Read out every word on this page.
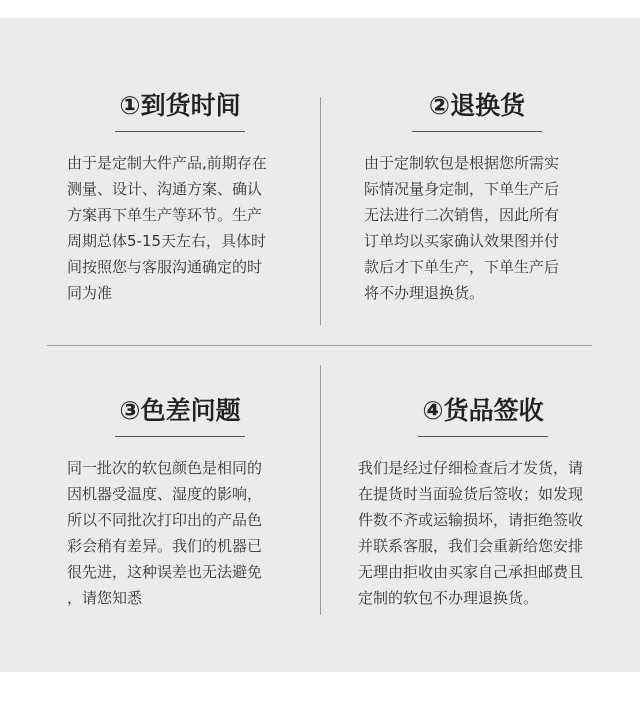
①到货时间
由于是定制大件产品,前期存在
测量、设计、沟通方案、确认
方案再下单生产等环节。生产
周期总体5-15天左右，具体时
间按照您与客服沟通确定的时
同为准
②退换货
由于定制软包是根据您所需实
际情况量身定制，下单生产后
无法进行二次销售，因此所有
订单均以买家确认效果图并付
款后才下单生产，下单生产后
将不办理退换货。
③色差问题
同一批次的软包颜色是相同的
因机器受温度、湿度的影响，
所以不同批次打印出的产品色
彩会稍有差异。我们的机器已
很先进，这种误差也无法避免
，请您知悉
④货品签收
我们是经过仔细检查后才发货，请
在提货时当面验货后签收；如发现
件数不齐或运输损坏，请拒绝签收
并联系客服，我们会重新给您安排
无理由拒收由买家自己承担邮费且
定制的软包不办理退换货。
